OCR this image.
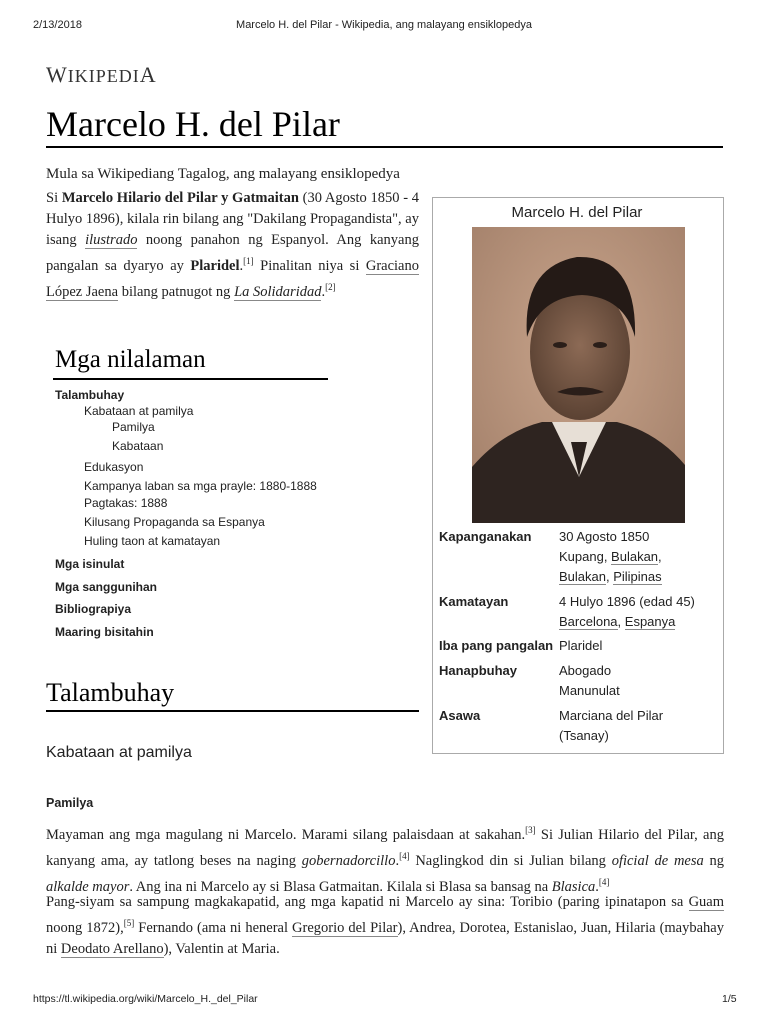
2/13/2018	Marcelo H. del Pilar - Wikipedia, ang malayang ensiklopedya
WIKIPEDIA
Marcelo H. del Pilar
Mula sa Wikipediang Tagalog, ang malayang ensiklopedya

Si Marcelo Hilario del Pilar y Gatmaitan (30 Agosto 1850 - 4 Hulyo 1896), kilala rin bilang ang "Dakilang Propagandista", ay isang ilustrado noong panahon ng Espanyol. Ang kanyang pangalan sa dyaryo ay Plaridel.[1] Pinalitan niya si Graciano López Jaena bilang patnugot ng La Solidaridad.[2]

Mga nilalaman
Talambuhay
Kabataan at pamilya
Pamilya
Kabataan
Edukasyon
Kampanya laban sa mga prayle: 1880-1888
Pagtakas: 1888
Kilusang Propaganda sa Espanya
Huling taon at kamatayan
Mga isinulat
Mga sanggunihan
Bibliograpiya
Maaring bisitahin
Marcelo H. del Pilar
Kapanganakan 30 Agosto 1850
Kupang, Bulakan,
Bulakan, Pilipinas
Kamatayan	4 Hulyo 1896 (edad 45)
Barcelona, Espanya
Iba pang pangalan Plaridel
Hanapbuhay	Abogado
Manunulat
Asawa	Marciana del Pilar
(Tsanay)
Talambuhay
Kabataan at pamilya
Pamilya

Mayaman ang mga magulang ni Marcelo. Marami silang palaisdaan at sakahan.[3] Si Julian Hilario del Pilar, ang kanyang ama, ay tatlong beses na naging gobernadorcillo.[4] Naglingkod din si Julian bilang oficial de mesa ng alkalde mayor. Ang ina ni Marcelo ay si Blasa Gatmaitan. Kilala si Blasa sa bansag na Blasica.[4]

Pang-siyam sa sampung magkakapatid, ang mga kapatid ni Marcelo ay sina: Toribio (paring ipinatapon sa Guam noong 1872),[5] Fernando (ama ni heneral Gregorio del Pilar), Andrea, Dorotea, Estanislao, Juan, Hilaria (maybahay ni Deodato Arellano), Valentin at Maria.

https://tl.wikipedia.org/wiki/Marcelo_H._del_Pilar	1/5
